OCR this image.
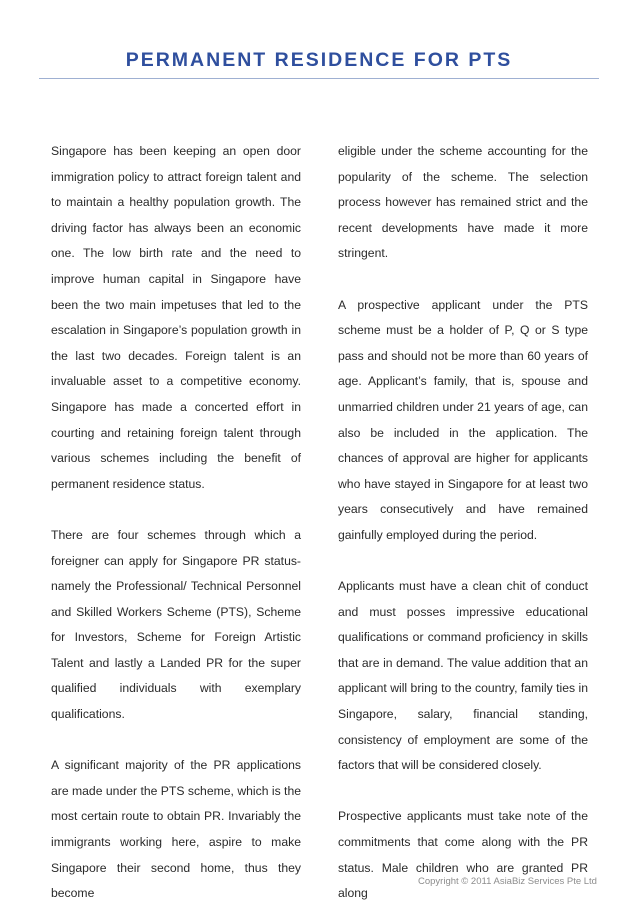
PERMANENT RESIDENCE FOR PTS

Singapore has been keeping an open door immigration policy to attract foreign talent and to maintain a healthy population growth. The driving factor has always been an economic one. The low birth rate and the need to improve human capital in Singapore have been the two main impetuses that led to the escalation in Singapore’s population growth in the last two decades. Foreign talent is an invaluable asset to a competitive economy. Singapore has made a concerted effort in courting and retaining foreign talent through various schemes including the benefit of permanent residence status.

There are four schemes through which a foreigner can apply for Singapore PR status- namely the Professional/ Technical Personnel and Skilled Workers Scheme (PTS), Scheme for Investors, Scheme for Foreign Artistic Talent and lastly a Landed PR for the super qualified individuals with exemplary qualifications.

A significant majority of the PR applications are made under the PTS scheme, which is the most certain route to obtain PR. Invariably the immigrants working here, aspire to make Singapore their second home, thus they become

eligible under the scheme accounting for the popularity of the scheme. The selection process however has remained strict and the recent developments have made it more stringent.

A prospective applicant under the PTS scheme must be a holder of P, Q or S type pass and should not be more than 60 years of age. Applicant’s family, that is, spouse and unmarried children under 21 years of age, can also be included in the application. The chances of approval are higher for applicants who have stayed in Singapore for at least two years consecutively and have remained gainfully employed during the period.

Applicants must have a clean chit of conduct and must posses impressive educational qualifications or command proficiency in skills that are in demand. The value addition that an applicant will bring to the country, family ties in Singapore, salary, financial standing, consistency of employment are some of the factors that will be considered closely.

Prospective applicants must take note of the commitments that come along with the PR status. Male children who are granted PR along

Copyright © 2011 AsiaBiz Services Pte Ltd
